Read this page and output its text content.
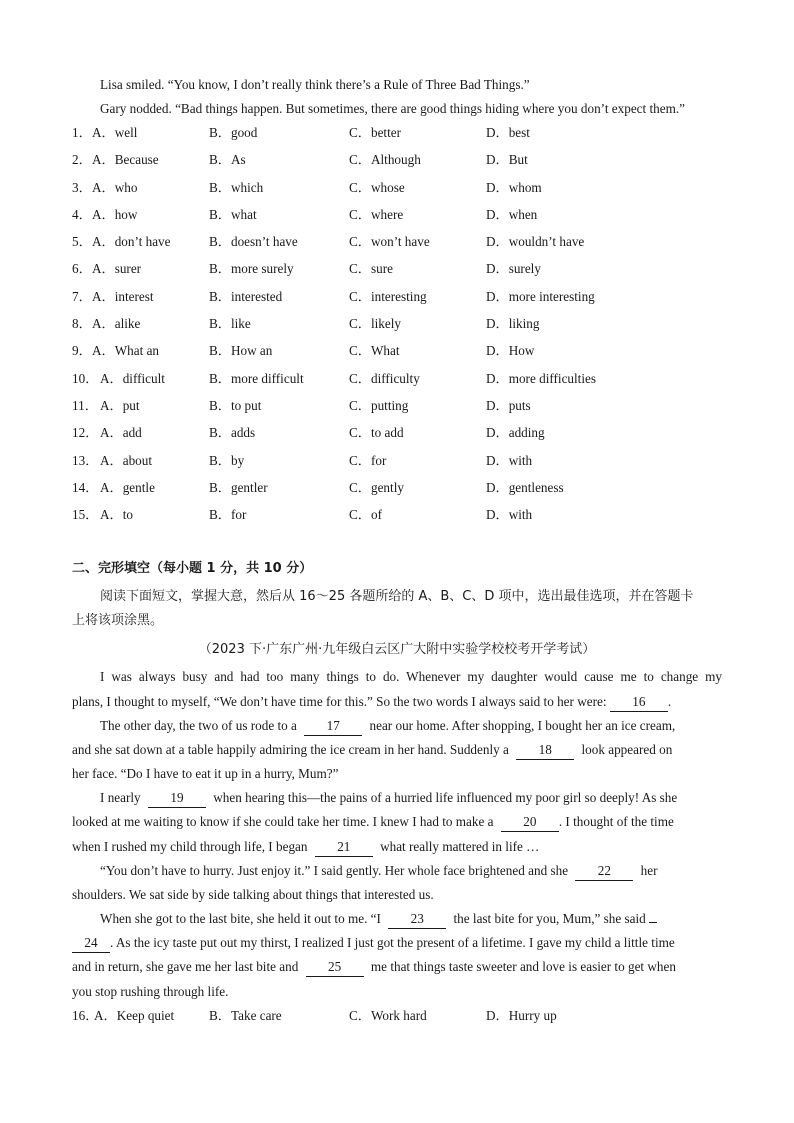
Lisa smiled. “You know, I don’t really think there’s a Rule of Three Bad Things.”
Gary nodded. “Bad things happen. But sometimes, there are good things hiding where you don’t expect them.”
1． A．well	B．good	C．better	D．best
2． A．Because	B．As	C．Although	D．But
3． A．who	B．which	C．whose	D．whom
4． A．how	B．what	C．where	D．when
5． A．don’t have	B．doesn’t have	C．won’t have	D．wouldn’t have
6． A．surer	B．more surely	C．sure	D．surely
7． A．interest	B．interested	C．interesting	D．more interesting
8． A．alike	B．like	C．likely	D．liking
9． A．What an	B．How an	C．What	D．How
10． A．difficult	B．more difficult	C．difficulty	D．more difficulties
11． A．put	B．to put	C．putting	D．puts
12． A．add	B．adds	C．to add	D．adding
13． A．about	B．by	C．for	D．with
14． A．gentle	B．gentler	C．gently	D．gentleness
15． A．to	B．for	C．of	D．with
二、完形填空（每小题 1 分，共 10 分）
阅读下面短文，掌握大意，然后从 16～25 各题所给的 A、B、C、D 项中，选出最佳选项，并在答题卡
上将该项涂黑。
（2023 下·广东广州·九年级白云区广大附中实验学校校考开学考试）
I was always busy and had too many things to do. Whenever my daughter would cause me to change my
plans, I thought to myself, “We don’t have time for this.” So the two words I always said to her were: 16 .
The other day, the two of us rode to a 17 near our home. After shopping, I bought her an ice cream,
and she sat down at a table happily admiring the ice cream in her hand. Suddenly a 18 look appeared on
her face. “Do I have to eat it up in a hurry, Mum?”
I nearly 19 when hearing this—the pains of a hurried life influenced my poor girl so deeply! As she
looked at me waiting to know if she could take her time. I knew I had to make a 20 . I thought of the time
when I rushed my child through life, I began 21 what really mattered in life …
“You don’t have to hurry. Just enjoy it.” I said gently. Her whole face brightened and she 22 her
shoulders. We sat side by side talking about things that interested us.
When she got to the last bite, she held it out to me. “I 23 the last bite for you, Mum,” she said
24 . As the icy taste put out my thirst, I realized I just got the present of a lifetime. I gave my child a little time
and in return, she gave me her last bite and 25 me that things taste sweeter and love is easier to get when
you stop rushing through life.
16．
A．Keep quiet	B．Take care	C．Work hard	D．Hurry up
